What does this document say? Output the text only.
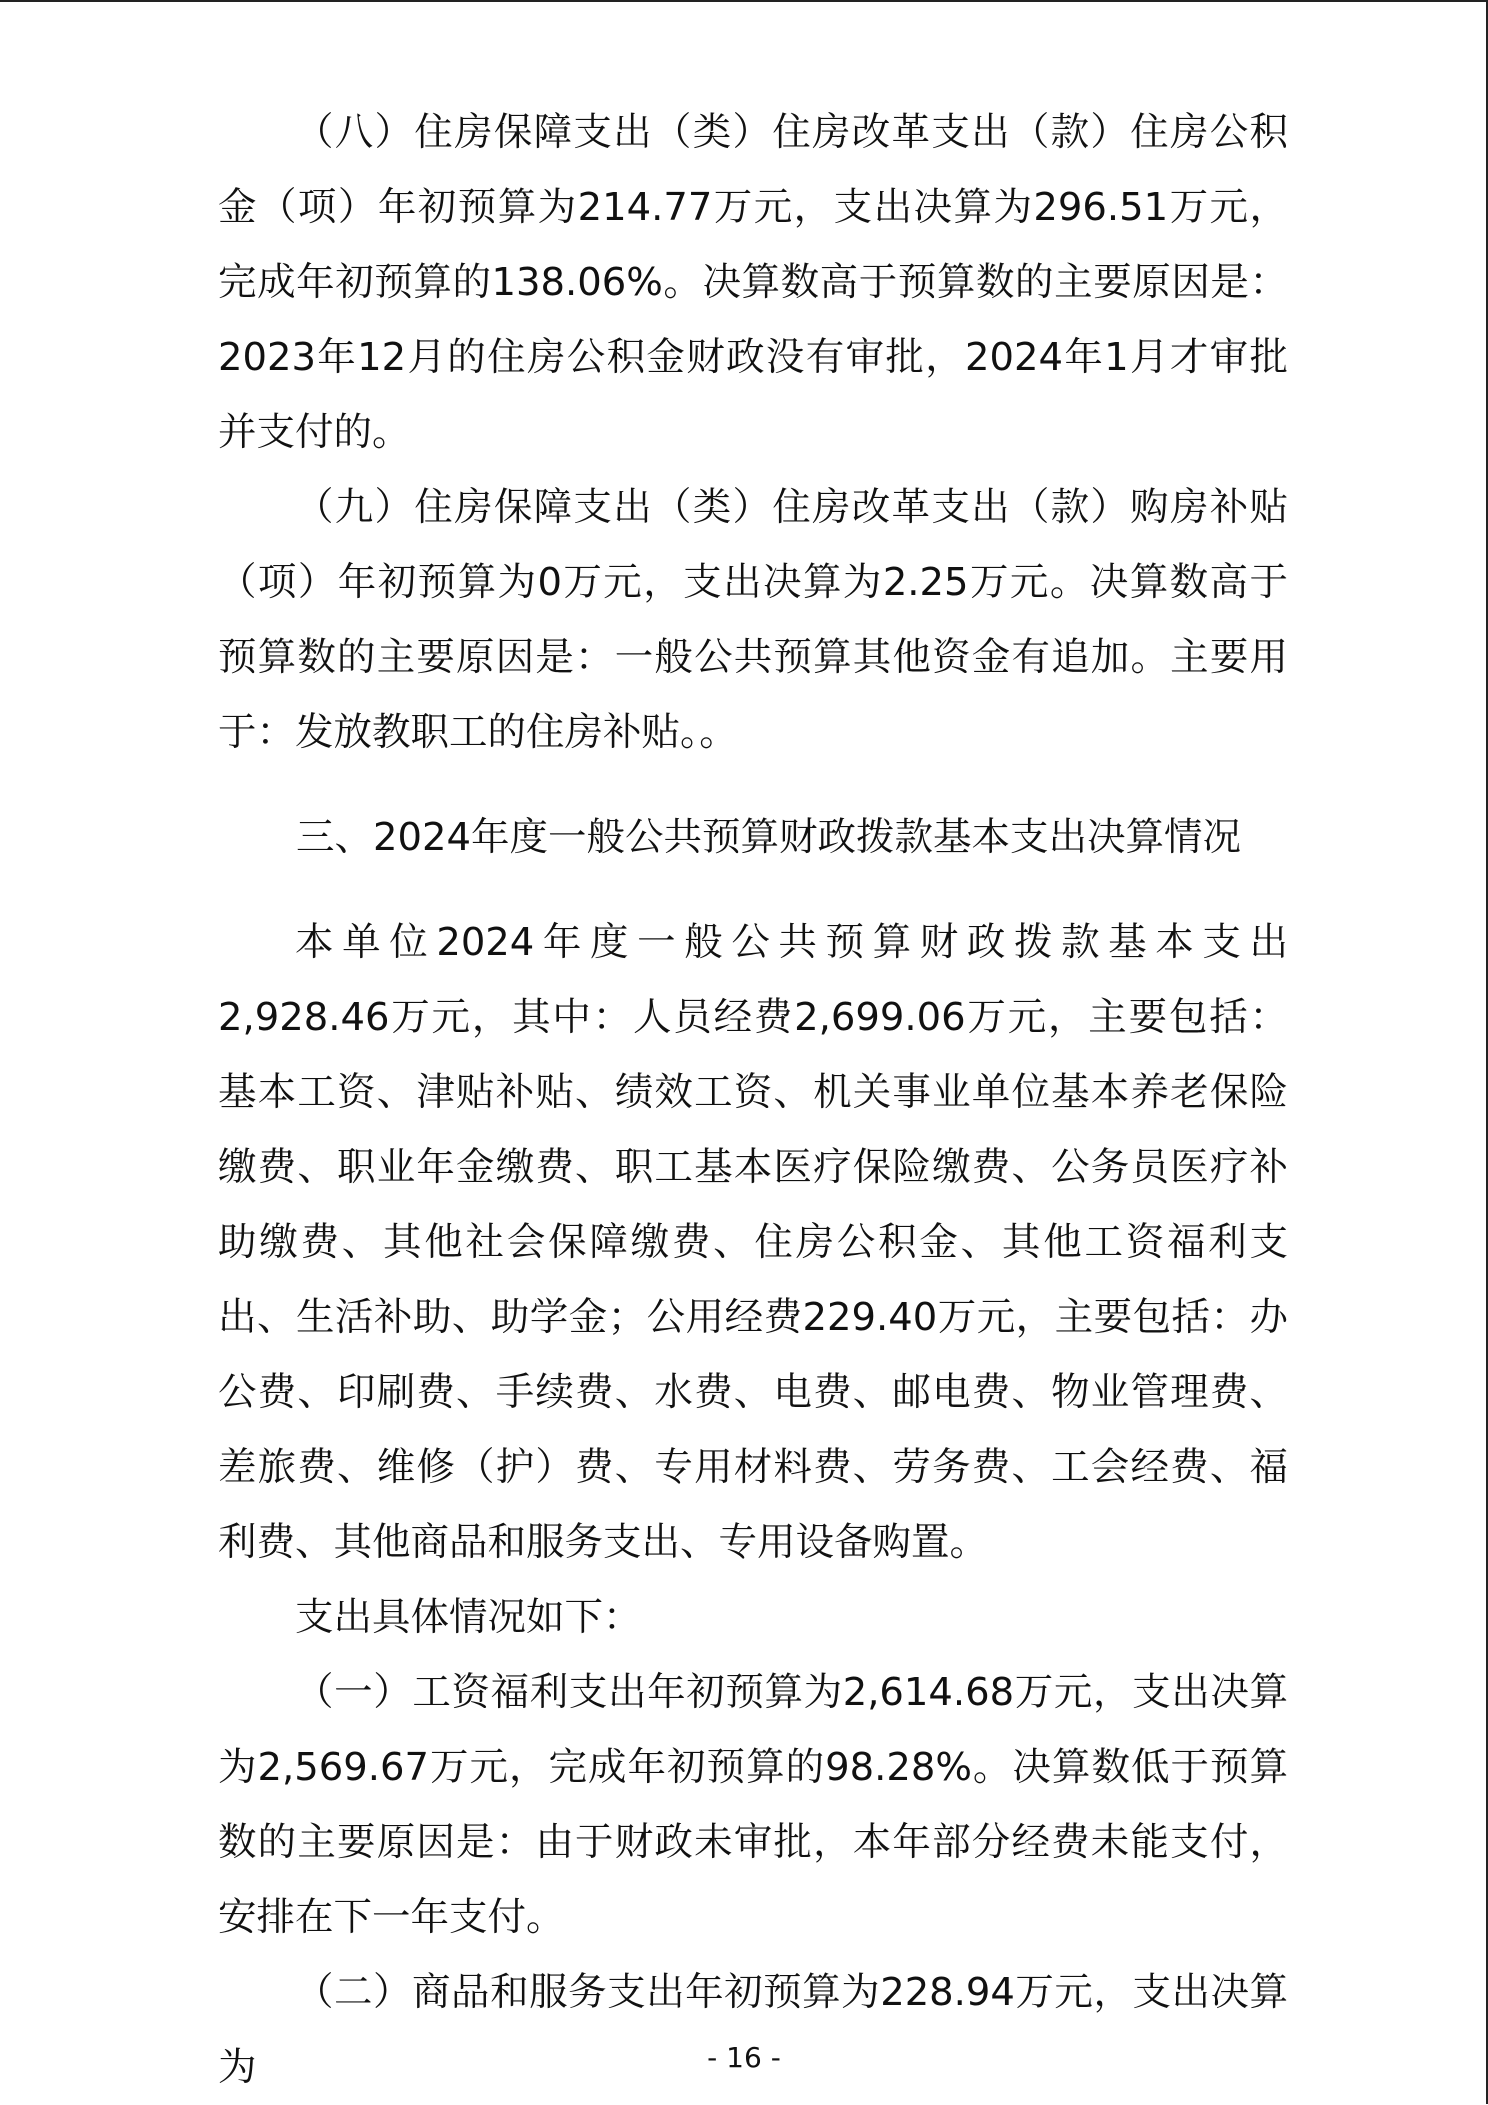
（八）住房保障支出（类）住房改革支出（款）住房公积金（项）年初预算为214.77万元，支出决算为296.51万元，完成年初预算的138.06%。决算数高于预算数的主要原因是：2023年12月的住房公积金财政没有审批，2024年1月才审批并支付的。

（九）住房保障支出（类）住房改革支出（款）购房补贴（项）年初预算为0万元，支出决算为2.25万元。决算数高于预算数的主要原因是：一般公共预算其他资金有追加。主要用于：发放教职工的住房补贴。。

三、2024年度一般公共预算财政拨款基本支出决算情况

本单位2024年度一般公共预算财政拨款基本支出2,928.46万元，其中：人员经费2,699.06万元，主要包括：基本工资、津贴补贴、绩效工资、机关事业单位基本养老保险缴费、职业年金缴费、职工基本医疗保险缴费、公务员医疗补助缴费、其他社会保障缴费、住房公积金、其他工资福利支出、生活补助、助学金；公用经费229.40万元，主要包括：办公费、印刷费、手续费、水费、电费、邮电费、物业管理费、差旅费、维修（护）费、专用材料费、劳务费、工会经费、福利费、其他商品和服务支出、专用设备购置。

支出具体情况如下：

（一）工资福利支出年初预算为2,614.68万元，支出决算为2,569.67万元，完成年初预算的98.28%。决算数低于预算数的主要原因是：由于财政未审批，本年部分经费未能支付，安排在下一年支付。

（二）商品和服务支出年初预算为228.94万元，支出决算为	- 16 -
